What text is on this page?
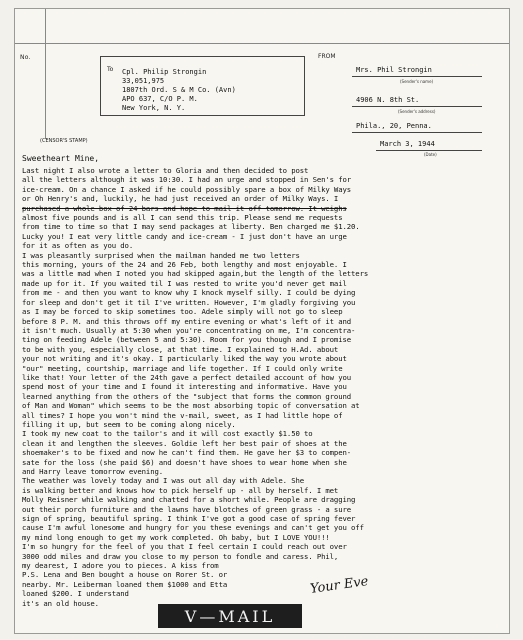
No.
To Cpl. Philip Strongin
33,051,975
1807th Ord. S & M Co. (Avn)
APO 637, C/O P. M.
New York, N. Y.
(CENSOR'S STAMP)
FROM
Mrs. Phil Strongin
(Sender's name)
4906 N. 8th St.
(Sender's address)
Phila., 20, Penna.
March 3, 1944
(Date)
Sweetheart Mine,
Last night I also wrote a letter to Gloria and then decided to post
all the letters although it was 10:30. I had an urge and stopped in Sen's for
ice-cream. On a chance I asked if he could possibly spare a box of Milky Ways
or Oh Henry's and, luckily, he had just received an order of Milky Ways. I
purchased a whole box of 24 bars and hope to mail it off tomorrow. It weighs
almost five pounds and is all I can send this trip. Please send me requests
from time to time so that I may send packages at liberty. Ben charged me $1.20.
Lucky you! I eat very little candy and ice-cream - I just don't have an urge
for it as often as you do.
I was pleasantly surprised when the mailman handed me two letters
this morning, yours of the 24 and 26 Feb, both lengthy and most enjoyable. I
was a little mad when I noted you had skipped again,but the length of the letters
made up for it. If you waited til I was rested to write you'd never get mail
from me - and then you want to know why I knock myself silly. I could be dying
for sleep and don't get it til I've written. However, I'm gladly forgiving you
as I may be forced to skip sometimes too. Adele simply will not go to sleep
before 8 P. M. and this throws off my entire evening or what's left of it and
it isn't much. Usually at 5:30 when you're concentrating on me, I'm concentra-
ting on feeding Adele (between 5 and 5:30). Room for you though and I promise
to be with you, especially close, at that time. I explained to H.Ad. about
your not writing and it's okay. I particularly liked the way you wrote about
"our" meeting, courtship, marriage and life together. If I could only write
like that! Your letter of the 24th gave a perfect detailed account of how you
spend most of your time and I found it interesting and informative. Have you
learned anything from the others of the "subject that forms the common ground
of Man and Woman" which seems to be the most absorbing topic of conversation at
all times? I hope you won't mind the v-mail, sweet, as I had little hope of
filling it up, but seem to be coming along nicely.
I took my new coat to the tailor's and it will cost exactly $1.50 to
clean it and lengthen the sleeves. Goldie left her best pair of shoes at the
shoemaker's to be fixed and now he can't find them. He gave her $3 to compen-
sate for the loss (she paid $6) and doesn't have shoes to wear home when she
and Harry leave tomorrow evening.
The weather was lovely today and I was out all day with Adele. She
is walking better and knows how to pick herself up - all by herself. I met
Molly Reisner while walking and chatted for a short while. People are dragging
out their porch furniture and the lawns have blotches of green grass - a sure
sign of spring, beautiful spring. I think I've got a good case of spring fever
cause I'm awful lonesome and hungry for you these evenings and can't get you off
my mind long enough to get my work completed. Oh baby, but I LOVE YOU!!!
I'm so hungry for the feel of you that I feel certain I could reach out over
3000 odd miles and draw you close to my person to fondle and caress. Phil,
my dearest, I adore you to pieces. A kiss from
P.S. Lena and Ben bought a house on Rorer St. or
nearby. Mr. Leiberman loaned them $1000 and Etta
loaned $200. I understand
it's an old house.
Your Eve
V—MAIL
